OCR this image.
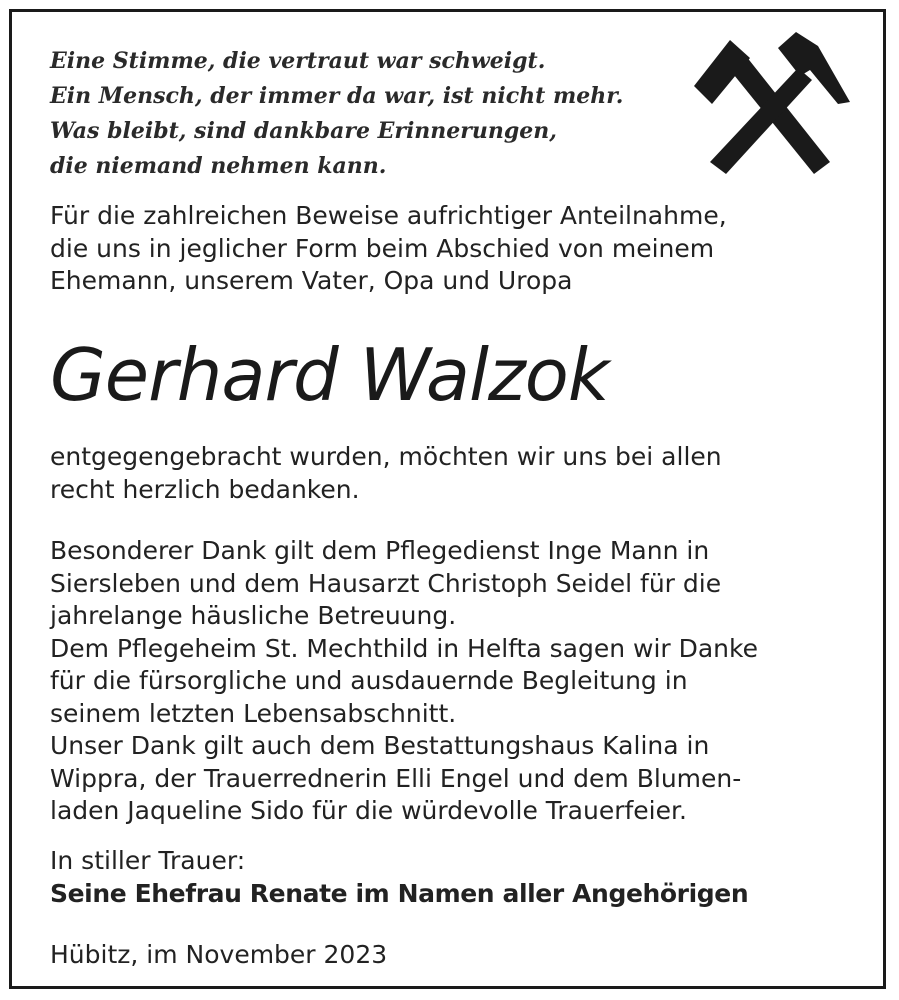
Eine Stimme, die vertraut war schweigt.
Ein Mensch, der immer da war, ist nicht mehr.
Was bleibt, sind dankbare Erinnerungen,
die niemand nehmen kann.
Für die zahlreichen Beweise aufrichtiger Anteilnahme,
die uns in jeglicher Form beim Abschied von meinem
Ehemann, unserem Vater, Opa und Uropa
Gerhard Walzok
entgegengebracht wurden, möchten wir uns bei allen
recht herzlich bedanken.
Besonderer Dank gilt dem Pflegedienst Inge Mann in
Siersleben und dem Hausarzt Christoph Seidel für die
jahrelange häusliche Betreuung.
Dem Pflegeheim St. Mechthild in Helfta sagen wir Danke
für die fürsorgliche und ausdauernde Begleitung in
seinem letzten Lebensabschnitt.
Unser Dank gilt auch dem Bestattungshaus Kalina in
Wippra, der Trauerrednerin Elli Engel und dem Blumen-
laden Jaqueline Sido für die würdevolle Trauerfeier.
In stiller Trauer:
Seine Ehefrau Renate im Namen aller Angehörigen
Hübitz, im November 2023
